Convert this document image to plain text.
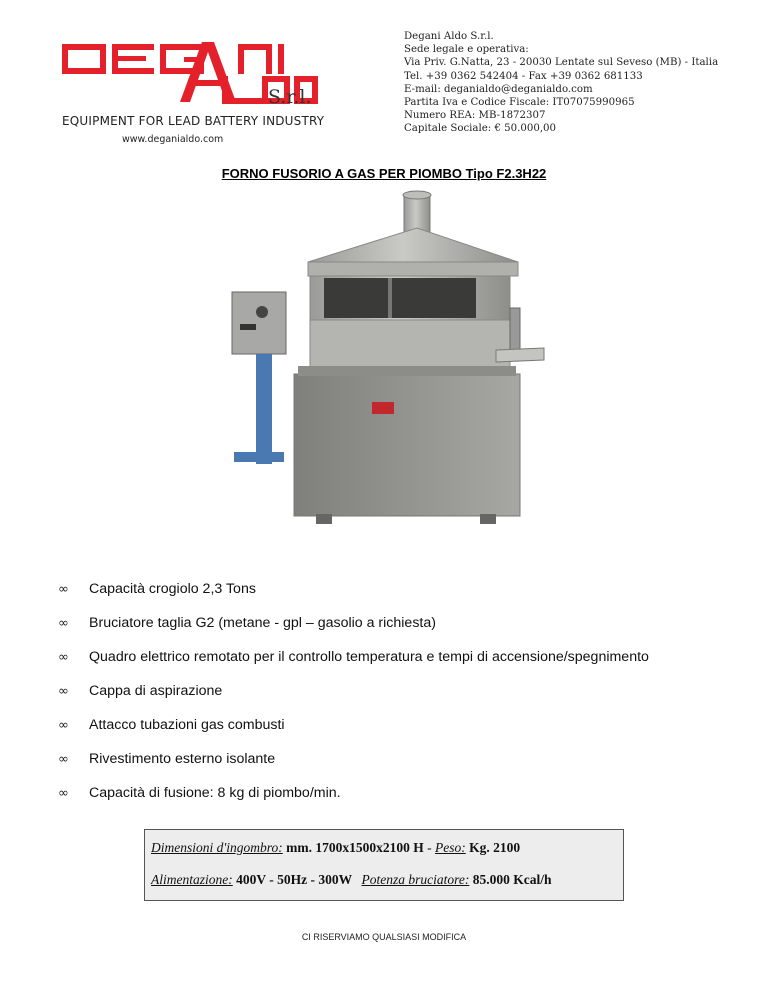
S.r.l.
EQUIPMENT FOR LEAD BATTERY INDUSTRY
www.deganialdo.com
Degani Aldo S.r.l.
Sede legale e operativa:
Via Priv. G.Natta, 23 - 20030 Lentate sul Seveso (MB) - Italia
Tel. +39 0362 542404 - Fax +39 0362 681133
E-mail: deganialdo@deganialdo.com
Partita Iva e Codice Fiscale: IT07075990965
Numero REA: MB-1872307
Capitale Sociale: € 50.000,00
FORNO FUSORIO A GAS PER PIOMBO Tipo F2.3H22
∞	Capacità crogiolo 2,3 Tons
∞	Bruciatore taglia G2 (metane - gpl – gasolio a richiesta)
∞	Quadro elettrico remotato per il controllo temperatura e tempi di accensione/spegnimento
∞	Cappa di aspirazione
∞	Attacco tubazioni gas combusti
∞	Rivestimento esterno isolante
∞	Capacità di fusione: 8 kg di piombo/min.
Dimensioni d'ingombro: mm. 1700x1500x2100 H - Peso: Kg. 2100
Alimentazione: 400V - 50Hz - 300W Potenza bruciatore: 85.000 Kcal/h
CI RISERVIAMO QUALSIASI MODIFICA
